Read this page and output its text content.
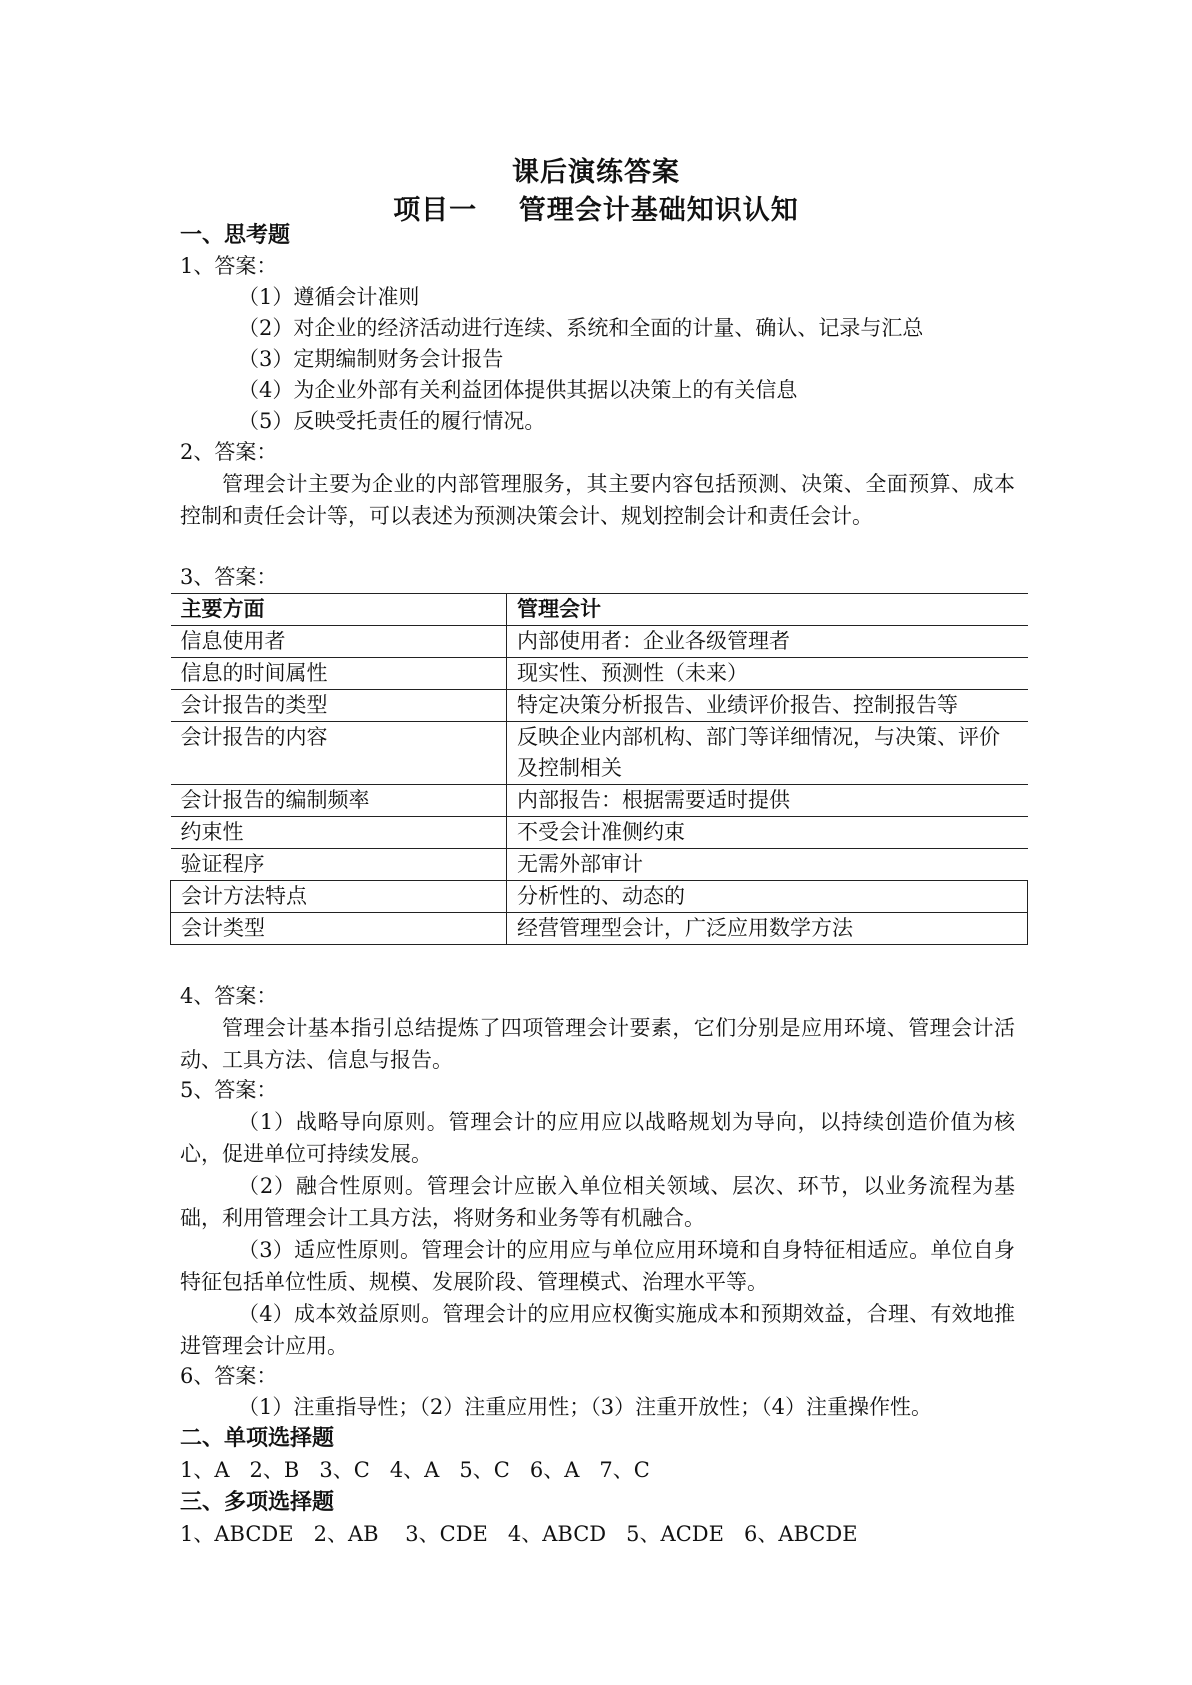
课后演练答案
项目一    管理会计基础知识认知
一、思考题
1、答案：
（1）遵循会计准则
（2）对企业的经济活动进行连续、系统和全面的计量、确认、记录与汇总
（3）定期编制财务会计报告
（4）为企业外部有关利益团体提供其据以决策上的有关信息
（5）反映受托责任的履行情况。
2、答案：
管理会计主要为企业的内部管理服务，其主要内容包括预测、决策、全面预算、成本控制和责任会计等，可以表述为预测决策会计、规划控制会计和责任会计。
3、答案：
主要方面	管理会计
信息使用者	内部使用者：企业各级管理者
信息的时间属性	现实性、预测性（未来）
会计报告的类型	特定决策分析报告、业绩评价报告、控制报告等
会计报告的内容	反映企业内部机构、部门等详细情况，与决策、评价及控制相关
会计报告的编制频率	内部报告：根据需要适时提供
约束性	不受会计准侧约束
验证程序	无需外部审计
会计方法特点	分析性的、动态的
会计类型	经营管理型会计，广泛应用数学方法
4、答案：
管理会计基本指引总结提炼了四项管理会计要素，它们分别是应用环境、管理会计活动、工具方法、信息与报告。
5、答案：
（1）战略导向原则。管理会计的应用应以战略规划为导向，以持续创造价值为核心，促进单位可持续发展。
（2）融合性原则。管理会计应嵌入单位相关领域、层次、环节，以业务流程为基础，利用管理会计工具方法，将财务和业务等有机融合。
（3）适应性原则。管理会计的应用应与单位应用环境和自身特征相适应。单位自身特征包括单位性质、规模、发展阶段、管理模式、治理水平等。
（4）成本效益原则。管理会计的应用应权衡实施成本和预期效益，合理、有效地推进管理会计应用。
6、答案：
（1）注重指导性；（2）注重应用性；（3）注重开放性；（4）注重操作性。
二、单项选择题
1、A   2、B   3、C   4、A   5、C   6、A   7、C
三、多项选择题
1、ABCDE   2、AB    3、CDE   4、ABCD   5、ACDE   6、ABCDE
